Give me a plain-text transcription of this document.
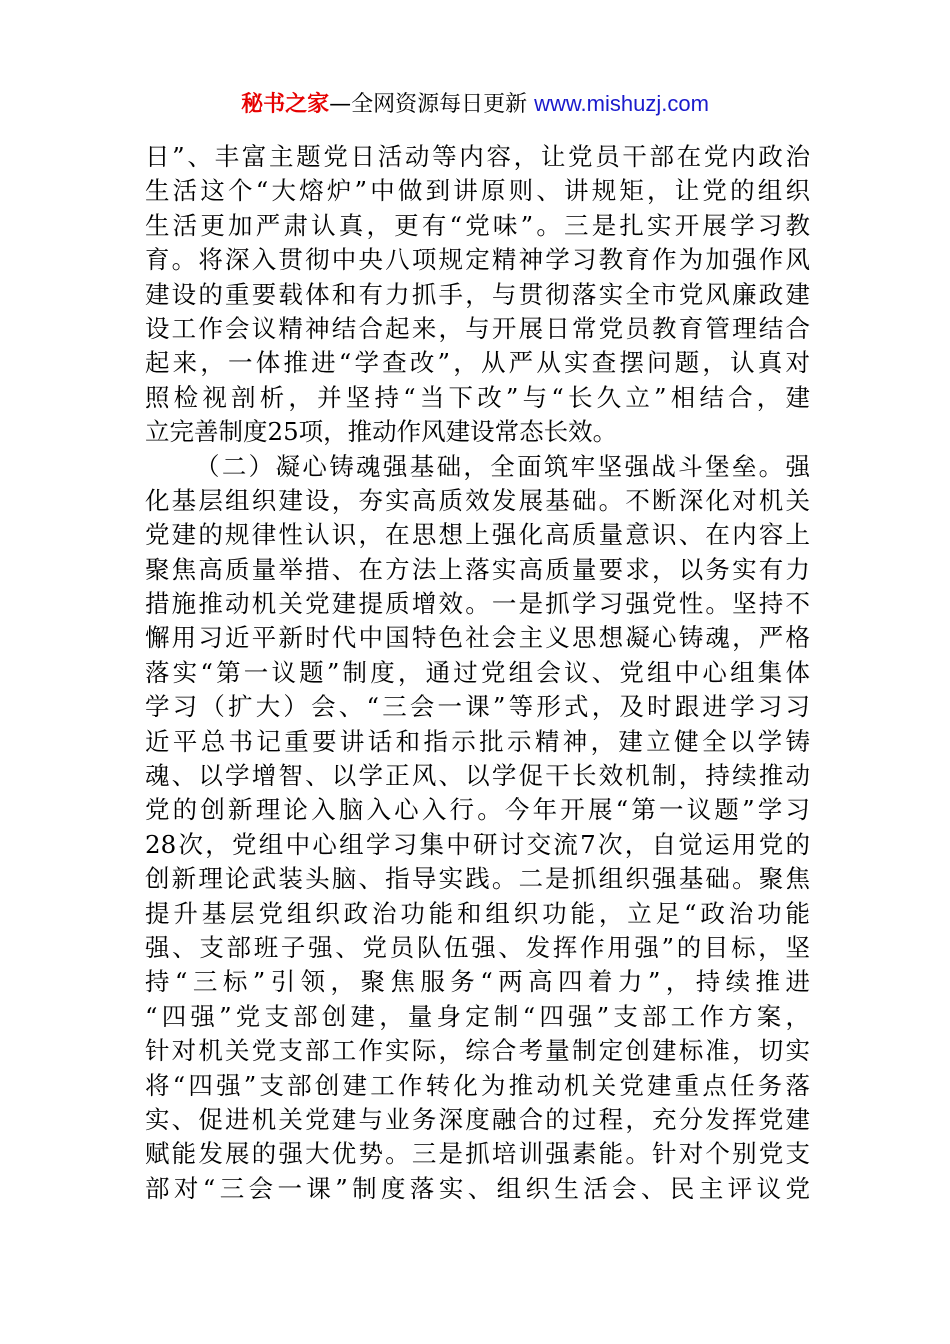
秘书之家—全网资源每日更新 www.mishuzj.com
日”、丰富主题党日活动等内容，让党员干部在党内政治
生活这个“大熔炉”中做到讲原则、讲规矩，让党的组织
生活更加严肃认真，更有“党味”。三是扎实开展学习教
育。将深入贯彻中央八项规定精神学习教育作为加强作风
建设的重要载体和有力抓手，与贯彻落实全市党风廉政建
设工作会议精神结合起来，与开展日常党员教育管理结合
起来，一体推进“学查改”，从严从实查摆问题，认真对
照检视剖析，并坚持“当下改”与“长久立”相结合，建
立完善制度25项，推动作风建设常态长效。
（二）凝心铸魂强基础，全面筑牢坚强战斗堡垒。强
化基层组织建设，夯实高质效发展基础。不断深化对机关
党建的规律性认识，在思想上强化高质量意识、在内容上
聚焦高质量举措、在方法上落实高质量要求，以务实有力
措施推动机关党建提质增效。一是抓学习强党性。坚持不
懈用习近平新时代中国特色社会主义思想凝心铸魂，严格
落实“第一议题”制度，通过党组会议、党组中心组集体
学习（扩大）会、“三会一课”等形式，及时跟进学习习
近平总书记重要讲话和指示批示精神，建立健全以学铸
魂、以学增智、以学正风、以学促干长效机制，持续推动
党的创新理论入脑入心入行。今年开展“第一议题”学习
28次，党组中心组学习集中研讨交流7次，自觉运用党的
创新理论武装头脑、指导实践。二是抓组织强基础。聚焦
提升基层党组织政治功能和组织功能，立足“政治功能
强、支部班子强、党员队伍强、发挥作用强”的目标，坚
持“三标”引领，聚焦服务“两高四着力”，持续推进
“四强”党支部创建，量身定制“四强”支部工作方案，
针对机关党支部工作实际，综合考量制定创建标准，切实
将“四强”支部创建工作转化为推动机关党建重点任务落
实、促进机关党建与业务深度融合的过程，充分发挥党建
赋能发展的强大优势。三是抓培训强素能。针对个别党支
部对“三会一课”制度落实、组织生活会、民主评议党
